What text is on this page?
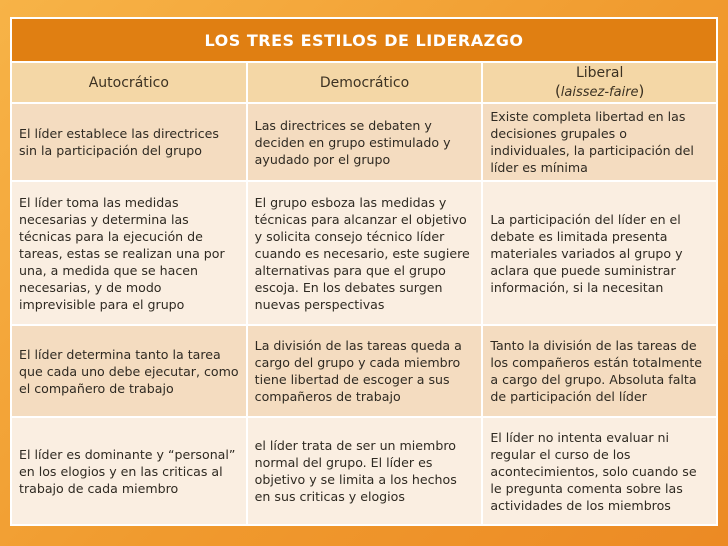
LOS TRES ESTILOS DE LIDERAZGO		
Autocrático	Democrático	Liberal
(laissez-faire)
El líder establece las directrices sin la participación del grupo	Las directrices se debaten y deciden en grupo estimulado y ayudado por el grupo	Existe completa libertad en las decisiones grupales o individuales, la participación del líder es mínima
El líder toma las medidas necesarias y determina las técnicas para la ejecución de tareas, estas se realizan una por una, a medida que se hacen necesarias, y de modo imprevisible para el grupo	El grupo esboza las medidas y técnicas para alcanzar el objetivo y solicita consejo técnico líder cuando es necesario, este sugiere alternativas para que el grupo escoja. En los debates surgen nuevas perspectivas	La participación del líder en el debate es limitada presenta materiales variados al grupo y aclara que puede suministrar información, si la necesitan
El líder determina tanto la tarea que cada uno debe ejecutar, como el compañero de trabajo	La división de las tareas queda a cargo del grupo y cada miembro tiene libertad de escoger a sus compañeros de trabajo	Tanto la división de las tareas de los compañeros están totalmente a cargo del grupo. Absoluta falta de participación del líder
El líder es dominante y “personal” en los elogios y en las criticas al trabajo de cada miembro	el líder trata de ser un miembro normal del grupo. El líder es objetivo y se limita a los hechos en sus criticas y elogios	El líder no intenta evaluar ni regular el curso de los acontecimientos, solo cuando se le pregunta comenta sobre las actividades de los miembros
